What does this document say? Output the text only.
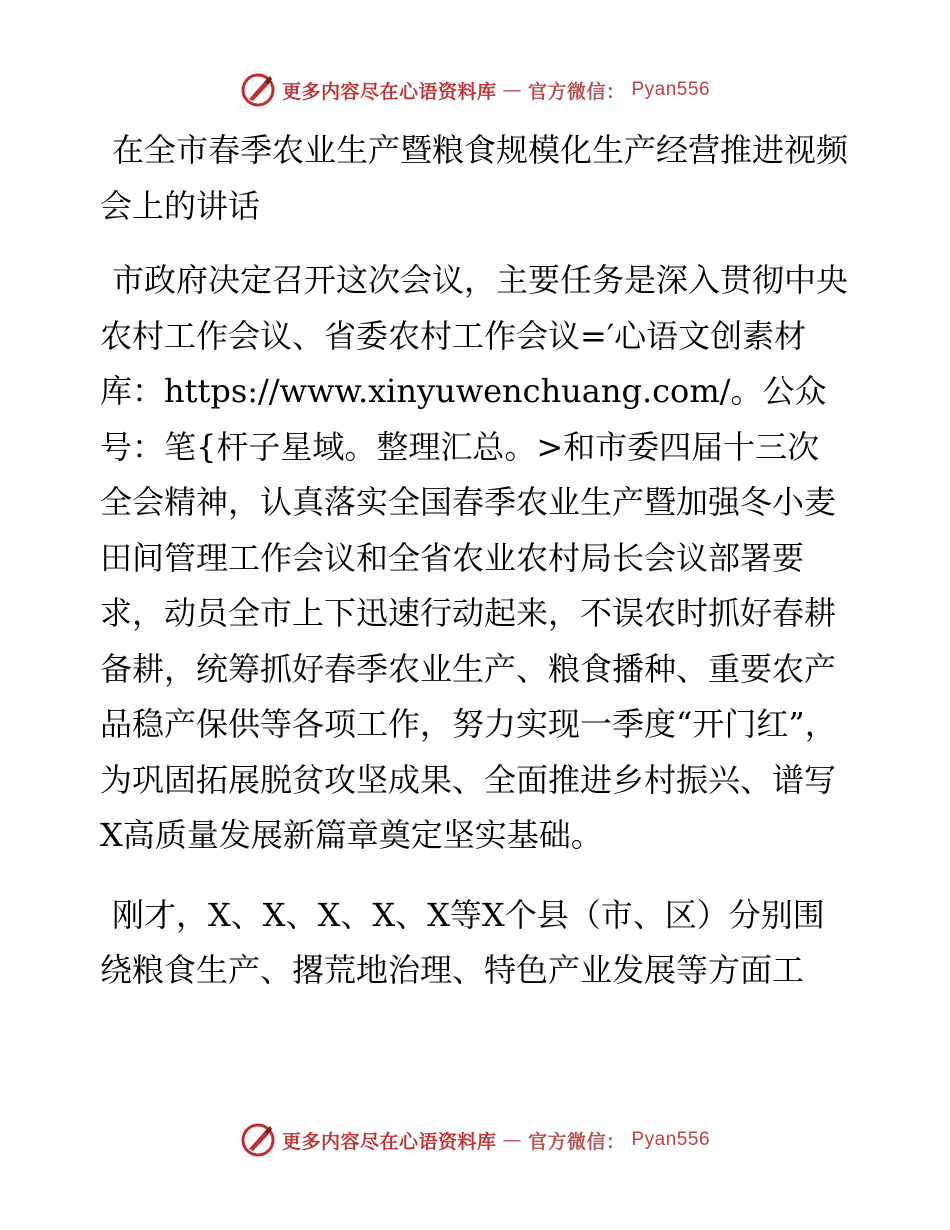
更多内容尽在心语资料库 — 官方微信： Pyan556
在全市春季农业生产暨粮食规模化生产经营推进视频会上的讲话

市政府决定召开这次会议，主要任务是深入贯彻中央农村工作会议、省委农村工作会议=′心语文创素材库：https://www.xinyuwenchuang.com/。公众号：笔{杆子星域。整理汇总。>和市委四届十三次全会精神，认真落实全国春季农业生产暨加强冬小麦田间管理工作会议和全省农业农村局长会议部署要求，动员全市上下迅速行动起来，不误农时抓好春耕备耕，统筹抓好春季农业生产、粮食播种、重要农产品稳产保供等各项工作，努力实现一季度“开门红”，为巩固拓展脱贫攻坚成果、全面推进乡村振兴、谱写X高质量发展新篇章奠定坚实基础。

刚才，X、X、X、X、X等X个县（市、区）分别围绕粮食生产、撂荒地治理、特色产业发展等方面工

更多内容尽在心语资料库 — 官方微信： Pyan556
